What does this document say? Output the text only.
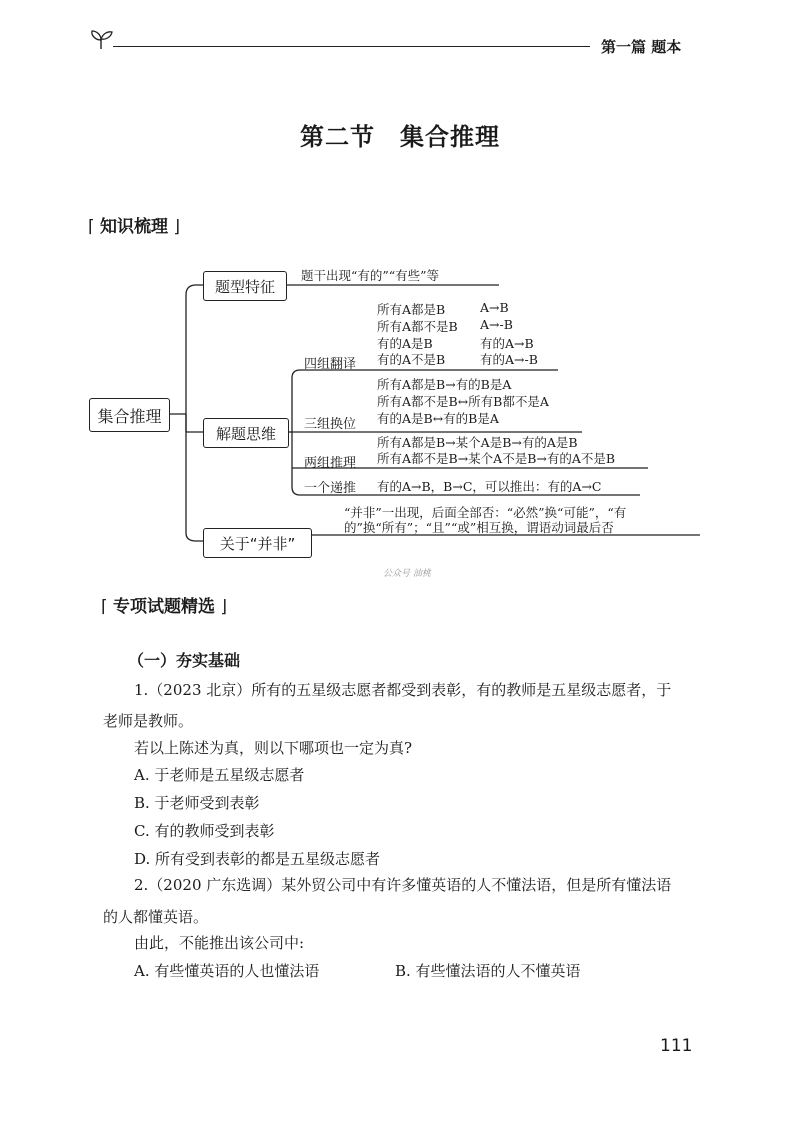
第一篇 题本
第二节　集合推理
⌈ 知识梳理 ⌋
集合推理
题型特征
题干出现“有的”“有些”等
解题思维
四组翻译
所有A都是B	A→B
所有A都不是B A→-B
有的A是B	有的A→B
有的A不是B	有的A→-B
三组换位
所有A都是B→有的B是A
所有A都不是B↔所有B都不是A
有的A是B↔有的B是A
两组推理
所有A都是B→某个A是B→有的A是B
所有A都不是B→某个A不是B→有的A不是B
一个递推 有的A→B，B→C，可以推出：有的A→C
关于“并非”
“并非”一出现，后面全部否：“必然”换“可能”，“有
的”换“所有”；“且”“或”相互换，谓语动词最后否
公众号 油桃
⌈ 专项试题精选 ⌋
（一）夯实基础
1.（2023 北京）所有的五星级志愿者都受到表彰，有的教师是五星级志愿者，于
老师是教师。
若以上陈述为真，则以下哪项也一定为真?
A. 于老师是五星级志愿者
B. 于老师受到表彰
C. 有的教师受到表彰
D. 所有受到表彰的都是五星级志愿者
2.（2020 广东选调）某外贸公司中有许多懂英语的人不懂法语，但是所有懂法语
的人都懂英语。
由此，不能推出该公司中:
A. 有些懂英语的人也懂法语	B. 有些懂法语的人不懂英语
111
